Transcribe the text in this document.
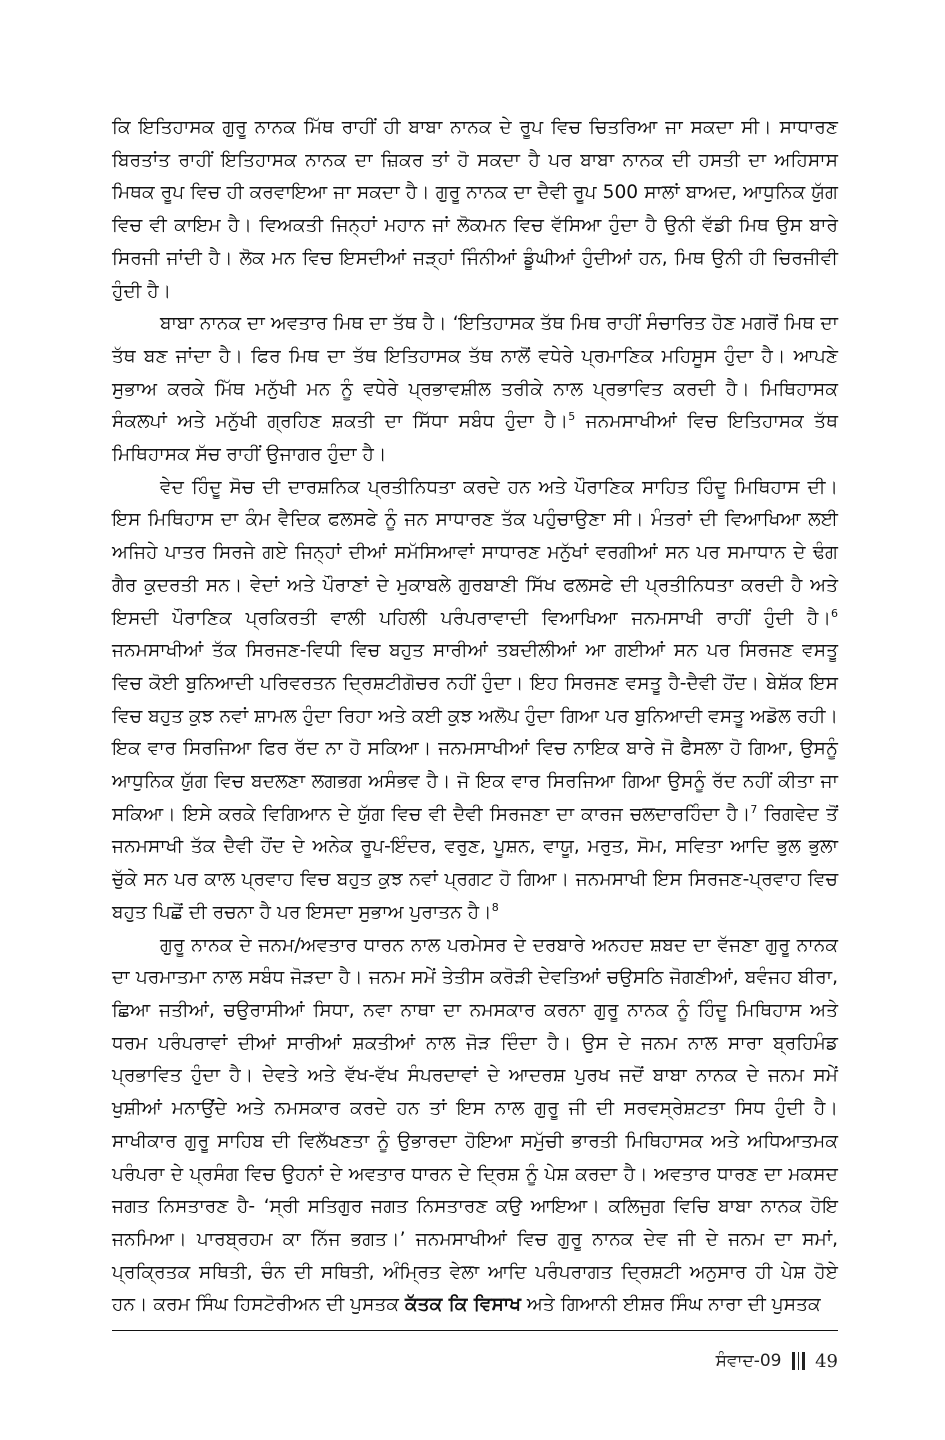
ਕਿ ਇਤਿਹਾਸਕ ਗੁਰੂ ਨਾਨਕ ਮਿੱਥ ਰਾਹੀਂ ਹੀ ਬਾਬਾ ਨਾਨਕ ਦੇ ਰੂਪ ਵਿਚ ਚਿਤਰਿਆ ਜਾ ਸਕਦਾ ਸੀ। ਸਾਧਾਰਣ ਬਿਰਤਾਂਤ ਰਾਹੀਂ ਇਤਿਹਾਸਕ ਨਾਨਕ ਦਾ ਜ਼ਿਕਰ ਤਾਂ ਹੋ ਸਕਦਾ ਹੈ ਪਰ ਬਾਬਾ ਨਾਨਕ ਦੀ ਹਸਤੀ ਦਾ ਅਹਿਸਾਸ ਮਿਥਕ ਰੂਪ ਵਿਚ ਹੀ ਕਰਵਾਇਆ ਜਾ ਸਕਦਾ ਹੈ। ਗੁਰੂ ਨਾਨਕ ਦਾ ਦੈਵੀ ਰੂਪ 500 ਸਾਲਾਂ ਬਾਅਦ, ਆਧੁਨਿਕ ਯੁੱਗ ਵਿਚ ਵੀ ਕਾਇਮ ਹੈ। ਵਿਅਕਤੀ ਜਿਨ੍ਹਾਂ ਮਹਾਨ ਜਾਂ ਲੋਕਮਨ ਵਿਚ ਵੱਸਿਆ ਹੁੰਦਾ ਹੈ ਉਨੀ ਵੱਡੀ ਮਿਥ ਉਸ ਬਾਰੇ ਸਿਰਜੀ ਜਾਂਦੀ ਹੈ। ਲੋਕ ਮਨ ਵਿਚ ਇਸਦੀਆਂ ਜੜ੍ਹਾਂ ਜਿੰਨੀਆਂ ਡੂੰਘੀਆਂ ਹੁੰਦੀਆਂ ਹਨ, ਮਿਥ ਉਨੀ ਹੀ ਚਿਰਜੀਵੀ ਹੁੰਦੀ ਹੈ।

ਬਾਬਾ ਨਾਨਕ ਦਾ ਅਵਤਾਰ ਮਿਥ ਦਾ ਤੱਥ ਹੈ। ‘ਇਤਿਹਾਸਕ ਤੱਥ ਮਿਥ ਰਾਹੀਂ ਸੰਚਾਰਿਤ ਹੋਣ ਮਗਰੋਂ ਮਿਥ ਦਾ ਤੱਥ ਬਣ ਜਾਂਦਾ ਹੈ। ਫਿਰ ਮਿਥ ਦਾ ਤੱਥ ਇਤਿਹਾਸਕ ਤੱਥ ਨਾਲੋਂ ਵਧੇਰੇ ਪ੍ਰਮਾਣਿਕ ਮਹਿਸੂਸ ਹੁੰਦਾ ਹੈ। ਆਪਣੇ ਸੁਭਾਅ ਕਰਕੇ ਮਿੱਥ ਮਨੁੱਖੀ ਮਨ ਨੂੰ ਵਧੇਰੇ ਪ੍ਰਭਾਵਸ਼ੀਲ ਤਰੀਕੇ ਨਾਲ ਪ੍ਰਭਾਵਿਤ ਕਰਦੀ ਹੈ। ਮਿਥਿਹਾਸਕ ਸੰਕਲਪਾਂ ਅਤੇ ਮਨੁੱਖੀ ਗ੍ਰਹਿਣ ਸ਼ਕਤੀ ਦਾ ਸਿੱਧਾ ਸਬੰਧ ਹੁੰਦਾ ਹੈ।$^5$ ਜਨਮਸਾਖੀਆਂ ਵਿਚ ਇਤਿਹਾਸਕ ਤੱਥ ਮਿਥਿਹਾਸਕ ਸੱਚ ਰਾਹੀਂ ਉਜਾਗਰ ਹੁੰਦਾ ਹੈ।

ਵੇਦ ਹਿੰਦੂ ਸੋਚ ਦੀ ਦਾਰਸ਼ਨਿਕ ਪ੍ਰਤੀਨਿਧਤਾ ਕਰਦੇ ਹਨ ਅਤੇ ਪੌਰਾਣਿਕ ਸਾਹਿਤ ਹਿੰਦੂ ਮਿਥਿਹਾਸ ਦੀ। ਇਸ ਮਿਥਿਹਾਸ ਦਾ ਕੰਮ ਵੈਦਿਕ ਫਲਸਫੇ ਨੂੰ ਜਨ ਸਾਧਾਰਣ ਤੱਕ ਪਹੁੰਚਾਉਣਾ ਸੀ। ਮੰਤਰਾਂ ਦੀ ਵਿਆਖਿਆ ਲਈ ਅਜਿਹੇ ਪਾਤਰ ਸਿਰਜੇ ਗਏ ਜਿਨ੍ਹਾਂ ਦੀਆਂ ਸਮੱਸਿਆਵਾਂ ਸਾਧਾਰਣ ਮਨੁੱਖਾਂ ਵਰਗੀਆਂ ਸਨ ਪਰ ਸਮਾਧਾਨ ਦੇ ਢੰਗ ਗੈਰ ਕੁਦਰਤੀ ਸਨ। ਵੇਦਾਂ ਅਤੇ ਪੌਰਾਣਾਂ ਦੇ ਮੁਕਾਬਲੇ ਗੁਰਬਾਣੀ ਸਿੱਖ ਫਲਸਫੇ ਦੀ ਪ੍ਰਤੀਨਿਧਤਾ ਕਰਦੀ ਹੈ ਅਤੇ ਇਸਦੀ ਪੌਰਾਣਿਕ ਪ੍ਰਕਿਰਤੀ ਵਾਲੀ ਪਹਿਲੀ ਪਰੰਪਰਾਵਾਦੀ ਵਿਆਖਿਆ ਜਨਮਸਾਖੀ ਰਾਹੀਂ ਹੁੰਦੀ ਹੈ।$^6$ ਜਨਮਸਾਖੀਆਂ ਤੱਕ ਸਿਰਜਣ-ਵਿਧੀ ਵਿਚ ਬਹੁਤ ਸਾਰੀਆਂ ਤਬਦੀਲੀਆਂ ਆ ਗਈਆਂ ਸਨ ਪਰ ਸਿਰਜਣ ਵਸਤੂ ਵਿਚ ਕੋਈ ਬੁਨਿਆਦੀ ਪਰਿਵਰਤਨ ਦ੍ਰਿਸ਼ਟੀਗੋਚਰ ਨਹੀਂ ਹੁੰਦਾ। ਇਹ ਸਿਰਜਣ ਵਸਤੂ ਹੈ-ਦੈਵੀ ਹੋਂਦ। ਬੇਸ਼ੱਕ ਇਸ ਵਿਚ ਬਹੁਤ ਕੁਝ ਨਵਾਂ ਸ਼ਾਮਲ ਹੁੰਦਾ ਰਿਹਾ ਅਤੇ ਕਈ ਕੁਝ ਅਲੋਪ ਹੁੰਦਾ ਗਿਆ ਪਰ ਬੁਨਿਆਦੀ ਵਸਤੂ ਅਡੋਲ ਰਹੀ। ਇਕ ਵਾਰ ਸਿਰਜਿਆ ਫਿਰ ਰੱਦ ਨਾ ਹੋ ਸਕਿਆ। ਜਨਮਸਾਖੀਆਂ ਵਿਚ ਨਾਇਕ ਬਾਰੇ ਜੋ ਫੈਸਲਾ ਹੋ ਗਿਆ, ਉਸਨੂੰ ਆਧੁਨਿਕ ਯੁੱਗ ਵਿਚ ਬਦਲਣਾ ਲਗਭਗ ਅਸੰਭਵ ਹੈ। ਜੋ ਇਕ ਵਾਰ ਸਿਰਜਿਆ ਗਿਆ ਉਸਨੂੰ ਰੱਦ ਨਹੀਂ ਕੀਤਾ ਜਾ ਸਕਿਆ। ਇਸੇ ਕਰਕੇ ਵਿਗਿਆਨ ਦੇ ਯੁੱਗ ਵਿਚ ਵੀ ਦੈਵੀ ਸਿਰਜਣਾ ਦਾ ਕਾਰਜ ਚਲਦਾਰਹਿੰਦਾ ਹੈ।$^7$ ਰਿਗਵੇਦ ਤੋਂ ਜਨਮਸਾਖੀ ਤੱਕ ਦੈਵੀ ਹੋਂਦ ਦੇ ਅਨੇਕ ਰੂਪ-ਇੰਦਰ, ਵਰੁਣ, ਪੂਸ਼ਨ, ਵਾਯੂ, ਮਰੁਤ, ਸੋਮ, ਸਵਿਤਾ ਆਦਿ ਭੁਲ ਭੁਲਾ ਚੁੱਕੇ ਸਨ ਪਰ ਕਾਲ ਪ੍ਰਵਾਹ ਵਿਚ ਬਹੁਤ ਕੁਝ ਨਵਾਂ ਪ੍ਰਗਟ ਹੋ ਗਿਆ। ਜਨਮਸਾਖੀ ਇਸ ਸਿਰਜਣ-ਪ੍ਰਵਾਹ ਵਿਚ ਬਹੁਤ ਪਿਛੋਂ ਦੀ ਰਚਨਾ ਹੈ ਪਰ ਇਸਦਾ ਸੁਭਾਅ ਪੁਰਾਤਨ ਹੈ।$^8$

ਗੁਰੂ ਨਾਨਕ ਦੇ ਜਨਮ/ਅਵਤਾਰ ਧਾਰਨ ਨਾਲ ਪਰਮੇਸਰ ਦੇ ਦਰਬਾਰੇ ਅਨਹਦ ਸ਼ਬਦ ਦਾ ਵੱਜਣਾ ਗੁਰੂ ਨਾਨਕ ਦਾ ਪਰਮਾਤਮਾ ਨਾਲ ਸਬੰਧ ਜੋੜਦਾ ਹੈ। ਜਨਮ ਸਮੇਂ ਤੇਤੀਸ ਕਰੋੜੀ ਦੇਵਤਿਆਂ ਚਉਸਠਿ ਜੋਗਣੀਆਂ, ਬਵੰਜਹ ਬੀਰਾ, ਛਿਆ ਜਤੀਆਂ, ਚਉਰਾਸੀਆਂ ਸਿਧਾ, ਨਵਾ ਨਾਥਾ ਦਾ ਨਮਸਕਾਰ ਕਰਨਾ ਗੁਰੂ ਨਾਨਕ ਨੂੰ ਹਿੰਦੂ ਮਿਥਿਹਾਸ ਅਤੇ ਧਰਮ ਪਰੰਪਰਾਵਾਂ ਦੀਆਂ ਸਾਰੀਆਂ ਸ਼ਕਤੀਆਂ ਨਾਲ ਜੋੜ ਦਿੰਦਾ ਹੈ। ਉਸ ਦੇ ਜਨਮ ਨਾਲ ਸਾਰਾ ਬ੍ਰਹਿਮੰਡ ਪ੍ਰਭਾਵਿਤ ਹੁੰਦਾ ਹੈ। ਦੇਵਤੇ ਅਤੇ ਵੱਖ-ਵੱਖ ਸੰਪਰਦਾਵਾਂ ਦੇ ਆਦਰਸ਼ ਪੁਰਖ ਜਦੋਂ ਬਾਬਾ ਨਾਨਕ ਦੇ ਜਨਮ ਸਮੇਂ ਖੁਸ਼ੀਆਂ ਮਨਾਉਂਦੇ ਅਤੇ ਨਮਸਕਾਰ ਕਰਦੇ ਹਨ ਤਾਂ ਇਸ ਨਾਲ ਗੁਰੂ ਜੀ ਦੀ ਸਰਵਸ੍ਰੇਸ਼ਟਤਾ ਸਿਧ ਹੁੰਦੀ ਹੈ। ਸਾਖੀਕਾਰ ਗੁਰੂ ਸਾਹਿਬ ਦੀ ਵਿਲੱਖਣਤਾ ਨੂੰ ਉਭਾਰਦਾ ਹੋਇਆ ਸਮੁੱਚੀ ਭਾਰਤੀ ਮਿਥਿਹਾਸਕ ਅਤੇ ਅਧਿਆਤਮਕ ਪਰੰਪਰਾ ਦੇ ਪ੍ਰਸੰਗ ਵਿਚ ਉਹਨਾਂ ਦੇ ਅਵਤਾਰ ਧਾਰਨ ਦੇ ਦ੍ਰਿਸ਼ ਨੂੰ ਪੇਸ਼ ਕਰਦਾ ਹੈ। ਅਵਤਾਰ ਧਾਰਣ ਦਾ ਮਕਸਦ ਜਗਤ ਨਿਸਤਾਰਣ ਹੈ- ‘ਸ੍ਰੀ ਸਤਿਗੁਰ ਜਗਤ ਨਿਸਤਾਰਣ ਕਉ ਆਇਆ। ਕਲਿਜੁਗ ਵਿਚਿ ਬਾਬਾ ਨਾਨਕ ਹੋਇ ਜਨਮਿਆ। ਪਾਰਬ੍ਰਹਮ ਕਾ ਨਿੱਜ ਭਗਤ।’ ਜਨਮਸਾਖੀਆਂ ਵਿਚ ਗੁਰੂ ਨਾਨਕ ਦੇਵ ਜੀ ਦੇ ਜਨਮ ਦਾ ਸਮਾਂ, ਪ੍ਰਕ੍ਰਿਤਕ ਸਥਿਤੀ, ਚੰਨ ਦੀ ਸਥਿਤੀ, ਅੰਮ੍ਰਿਤ ਵੇਲਾ ਆਦਿ ਪਰੰਪਰਾਗਤ ਦ੍ਰਿਸ਼ਟੀ ਅਨੁਸਾਰ ਹੀ ਪੇਸ਼ ਹੋਏ ਹਨ। ਕਰਮ ਸਿੰਘ ਹਿਸਟੋਰੀਅਨ ਦੀ ਪੁਸਤਕ ਕੱਤਕ ਕਿ ਵਿਸਾਖ ਅਤੇ ਗਿਆਨੀ ਈਸ਼ਰ ਸਿੰਘ ਨਾਰਾ ਦੀ ਪੁਸਤਕ

ਸੰਵਾਦ-09 49
